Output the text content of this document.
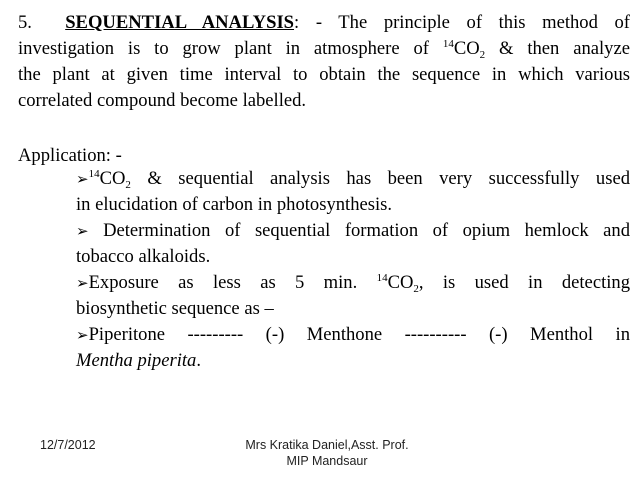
5. SEQUENTIAL ANALYSIS: - The principle of this method of
investigation is to grow plant in atmosphere of $^{14}CO_2$ & then analyze
the plant at given time interval to obtain the sequence in which various
correlated compound become labelled.
Application: -
$➢^{14}CO_2$ & sequential analysis has been very successfully used
in elucidation of carbon in photosynthesis.
➢ Determination of sequential formation of opium hemlock and
tobacco alkaloids.
➢Exposure as less as 5 min. $^{14}CO_2$, is used in detecting
biosynthetic sequence as –
➢Piperitone --------- (-) Menthone ---------- (-) Menthol in
Mentha piperita.
12/7/2012	Mrs Kratika Daniel,Asst. Prof.
MIP Mandsaur
